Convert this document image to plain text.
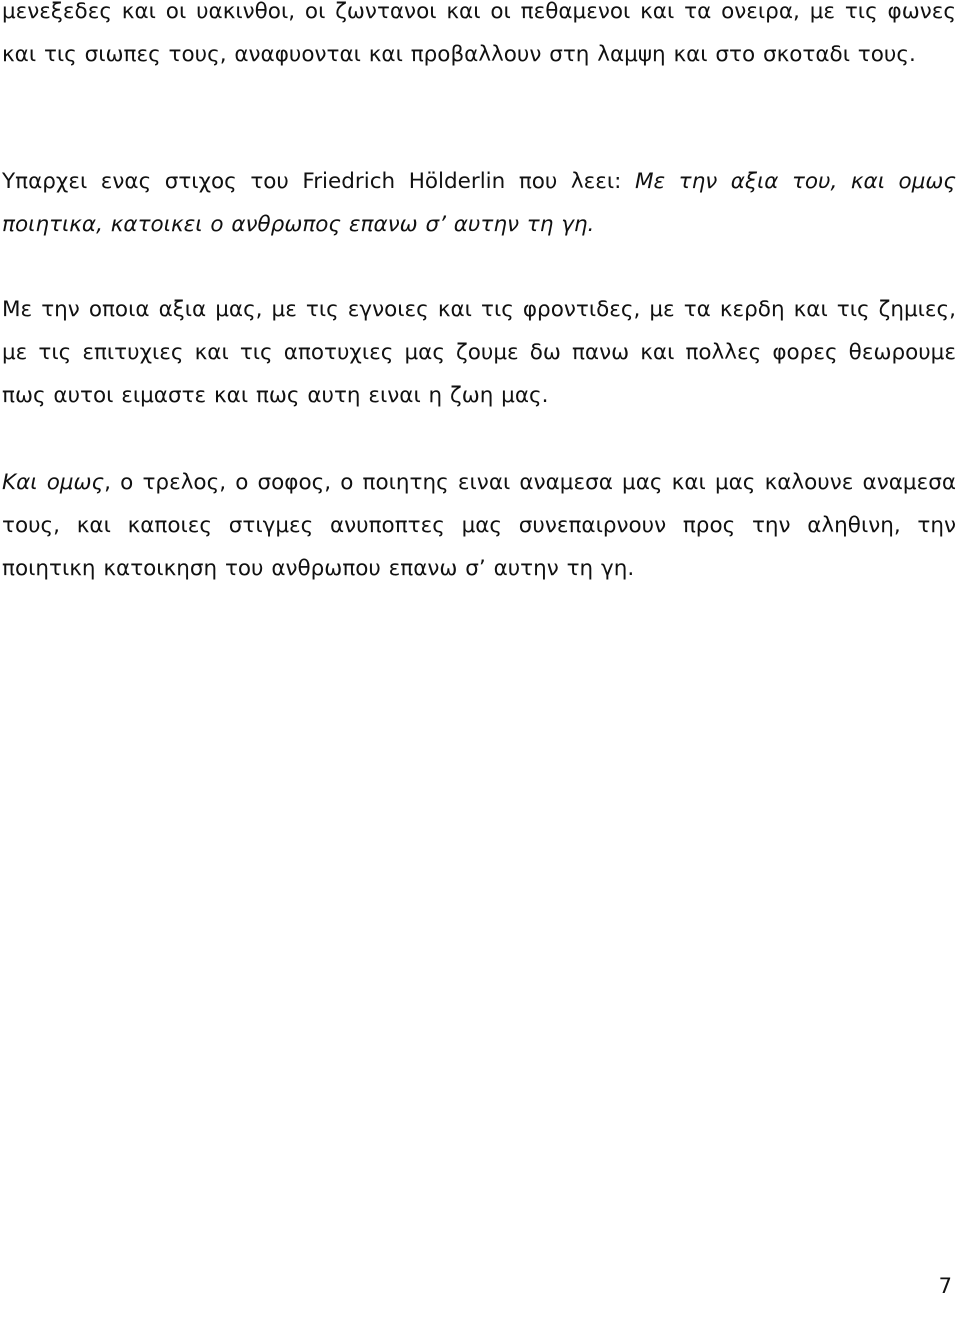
μενεξεδες και οι υακινθοι, οι ζωντανοι και οι πεθαμενοι και τα ονειρα, με τις φωνες και τις σιωπες τους, αναφυονται και προβαλλουν στη λαμψη και στο σκοταδι τους.

Υπαρχει ενας στιχος του Friedrich Hölderlin που λεει: Με την αξια του, και ομως ποιητικα, κατοικει ο ανθρωπος επανω σ’ αυτην τη γη.

Με την οποια αξια μας, με τις εγνοιες και τις φροντιδες, με τα κερδη και τις ζημιες, με τις επιτυχιες και τις αποτυχιες μας ζουμε δω πανω και πολλες φορες θεωρουμε πως αυτοι ειμαστε και πως αυτη ειναι η ζωη μας.

Και ομως, ο τρελος, ο σοφος, ο ποιητης ειναι αναμεσα μας και μας καλουνε αναμεσα τους, και καποιες στιγμες ανυποπτες μας συνεπαιρνουν προς την αληθινη, την ποιητικη κατοικηση του ανθρωπου επανω σ’ αυτην τη γη.

7
